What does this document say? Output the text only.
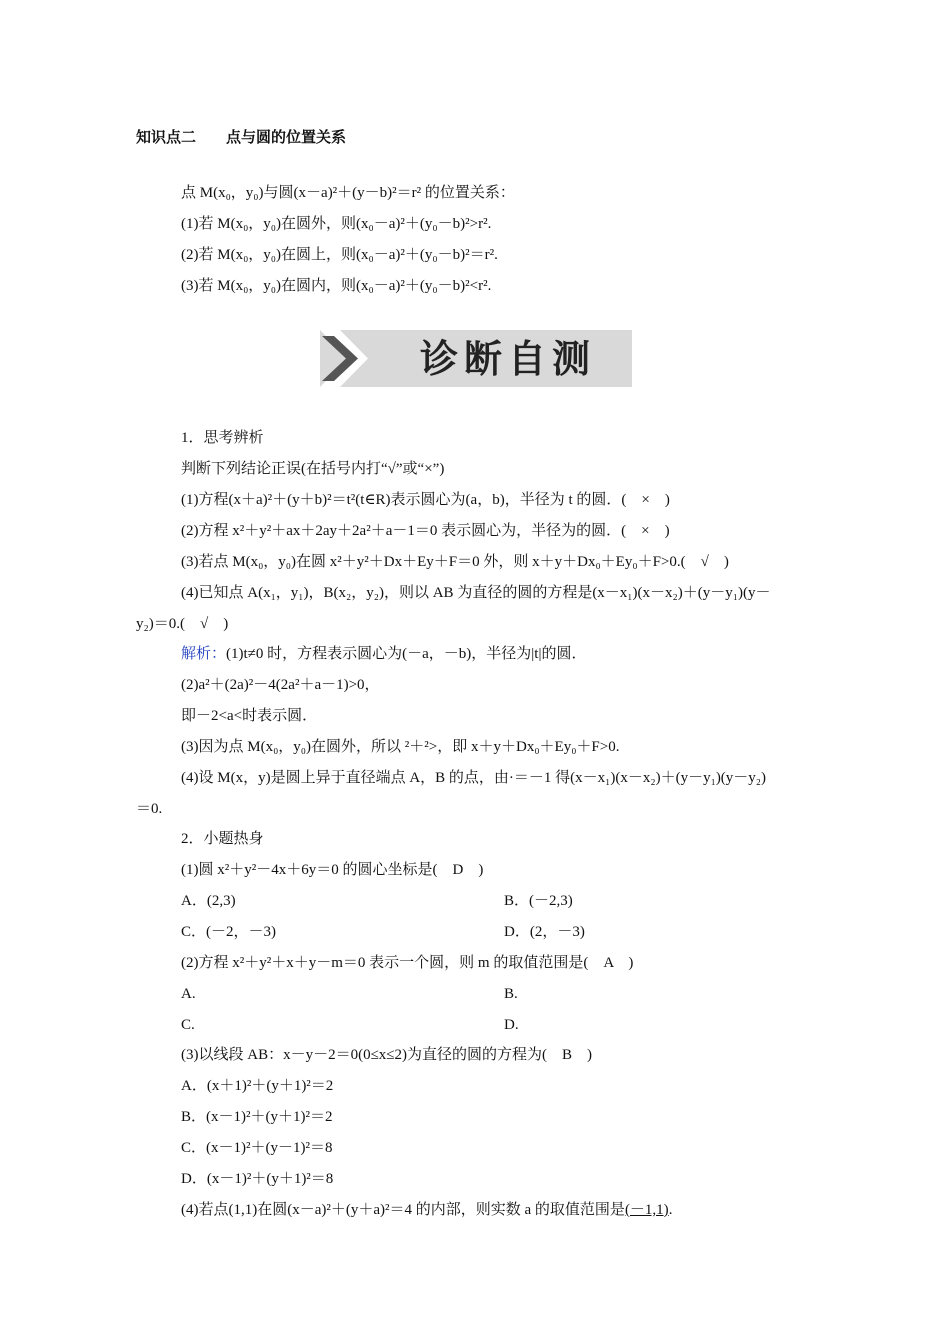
知识点二　　点与圆的位置关系
点 M(x₀，y₀)与圆(x－a)²＋(y－b)²＝r² 的位置关系：
(1)若 M(x₀，y₀)在圆外，则(x₀－a)²＋(y₀－b)²>r².
(2)若 M(x₀，y₀)在圆上，则(x₀－a)²＋(y₀－b)²＝r².
(3)若 M(x₀，y₀)在圆内，则(x₀－a)²＋(y₀－b)²<r².
诊断自测
1．思考辨析
判断下列结论正误(在括号内打“√”或“×”)
(1)方程(x＋a)²＋(y＋b)²＝t²(t∈R)表示圆心为(a，b)，半径为 t 的圆．(　×　)
(2)方程 x²＋y²＋ax＋2ay＋2a²＋a－1＝0 表示圆心为，半径为的圆．(　×　)
(3)若点 M(x₀，y₀)在圆 x²＋y²＋Dx＋Ey＋F＝0 外，则 x＋y＋Dx₀＋Ey₀＋F>0.(　√　)
(4)已知点 A(x₁，y₁)，B(x₂，y₂)，则以 AB 为直径的圆的方程是(x－x₁)(x－x₂)＋(y－y₁)(y－
y₂)＝0.(　√　)
解析：(1)t≠0 时，方程表示圆心为(－a，－b)，半径为|t|的圆．
(2)a²＋(2a)²－4(2a²＋a－1)>0，
即－2<a<时表示圆．
(3)因为点 M(x₀，y₀)在圆外，所以 ²＋²>，即 x＋y＋Dx₀＋Ey₀＋F>0.
(4)设 M(x，y)是圆上异于直径端点 A，B 的点，由·＝－1 得(x－x₁)(x－x₂)＋(y－y₁)(y－y₂)
＝0.
2．小题热身
(1)圆 x²＋y²－4x＋6y＝0 的圆心坐标是(　D　)
A．(2,3)	B．(－2,3)
C．(－2，－3)	D．(2，－3)
(2)方程 x²＋y²＋x＋y－m＝0 表示一个圆，则 m 的取值范围是(　A　)
A.	B.
C.	D.
(3)以线段 AB：x－y－2＝0(0≤x≤2)为直径的圆的方程为(　B　)
A．(x＋1)²＋(y＋1)²＝2
B．(x－1)²＋(y＋1)²＝2
C．(x－1)²＋(y－1)²＝8
D．(x－1)²＋(y＋1)²＝8
(4)若点(1,1)在圆(x－a)²＋(y＋a)²＝4 的内部，则实数 a 的取值范围是(－1,1).
